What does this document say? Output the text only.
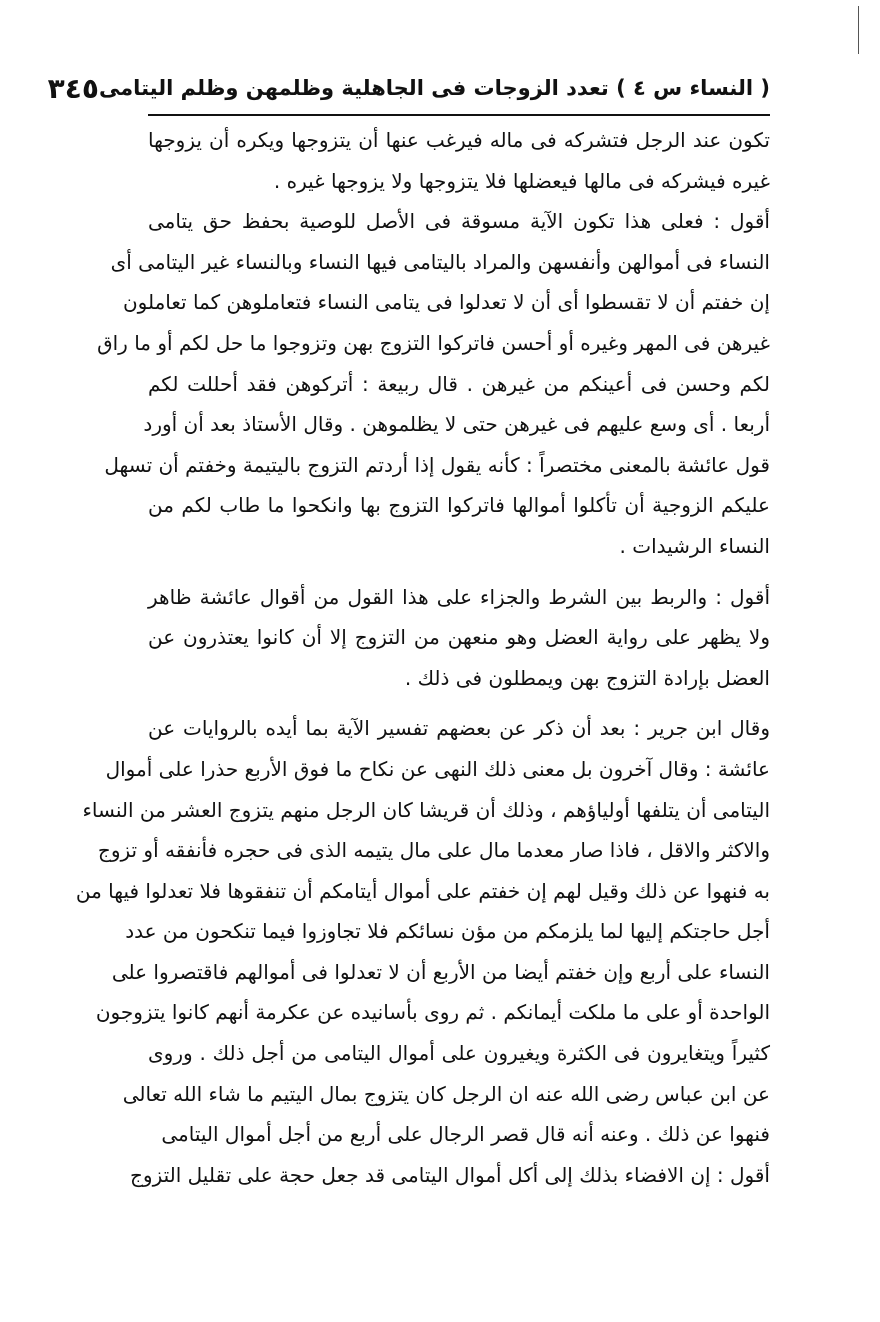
( النساء س ٤ ) تعدد الزوجات فى الجاهلية وظلمهن وظلم اليتامى
٣٤٥
تكون عند الرجل فتشركه فى ماله فيرغب عنها أن يتزوجها ويكره أن يزوجها
غيره فيشركه فى مالها فيعضلها فلا يتزوجها ولا يزوجها غيره .
أقول : فعلى هذا تكون الآية مسوقة فى الأصل للوصية بحفظ حق يتامى
النساء فى أموالهن وأنفسهن والمراد باليتامى فيها النساء وبالنساء غير اليتامى أى
إن خفتم أن لا تقسطوا أى أن لا تعدلوا فى يتامى النساء فتعاملوهن كما تعاملون
غيرهن فى المهر وغيره أو أحسن فاتركوا التزوج بهن وتزوجوا ما حل لكم أو ما راق
لكم وحسن فى أعينكم من غيرهن . قال ربيعة : أتركوهن فقد أحللت لكم
أربعا . أى وسع عليهم فى غيرهن حتى لا يظلموهن . وقال الأستاذ بعد أن أورد
قول عائشة بالمعنى مختصراً : كأنه يقول إذا أردتم التزوج باليتيمة وخفتم أن تسهل
عليكم الزوجية أن تأكلوا أموالها فاتركوا التزوج بها وانكحوا ما طاب لكم من
النساء الرشيدات .
أقول : والربط بين الشرط والجزاء على هذا القول من أقوال عائشة ظاهر
ولا يظهر على رواية العضل وهو منعهن من التزوج إلا أن كانوا يعتذرون عن
العضل بإرادة التزوج بهن ويمطلون فى ذلك .
وقال ابن جرير : بعد أن ذكر عن بعضهم تفسير الآية بما أيده بالروايات عن
عائشة : وقال آخرون بل معنى ذلك النهى عن نكاح ما فوق الأربع حذرا على أموال
اليتامى أن يتلفها أولياؤهم ، وذلك أن قريشا كان الرجل منهم يتزوج العشر من النساء
والاكثر والاقل ، فاذا صار معدما مال على مال يتيمه الذى فى حجره فأنفقه أو تزوج
به فنهوا عن ذلك وقيل لهم إن خفتم على أموال أيتامكم أن تنفقوها فلا تعدلوا فيها من
أجل حاجتكم إليها لما يلزمكم من مؤن نسائكم فلا تجاوزوا فيما تنكحون من عدد
النساء على أربع وإن خفتم أيضا من الأربع أن لا تعدلوا فى أموالهم فاقتصروا على
الواحدة أو على ما ملكت أيمانكم . ثم روى بأسانيده عن عكرمة أنهم كانوا يتزوجون
كثيراً ويتغايرون فى الكثرة ويغيرون على أموال اليتامى من أجل ذلك . وروى
عن ابن عباس رضى الله عنه ان الرجل كان يتزوج بمال اليتيم ما شاء الله تعالى
فنهوا عن ذلك . وعنه أنه قال قصر الرجال على أربع من أجل أموال اليتامى
أقول : إن الافضاء بذلك إلى أكل أموال اليتامى قد جعل حجة على تقليل التزوج
